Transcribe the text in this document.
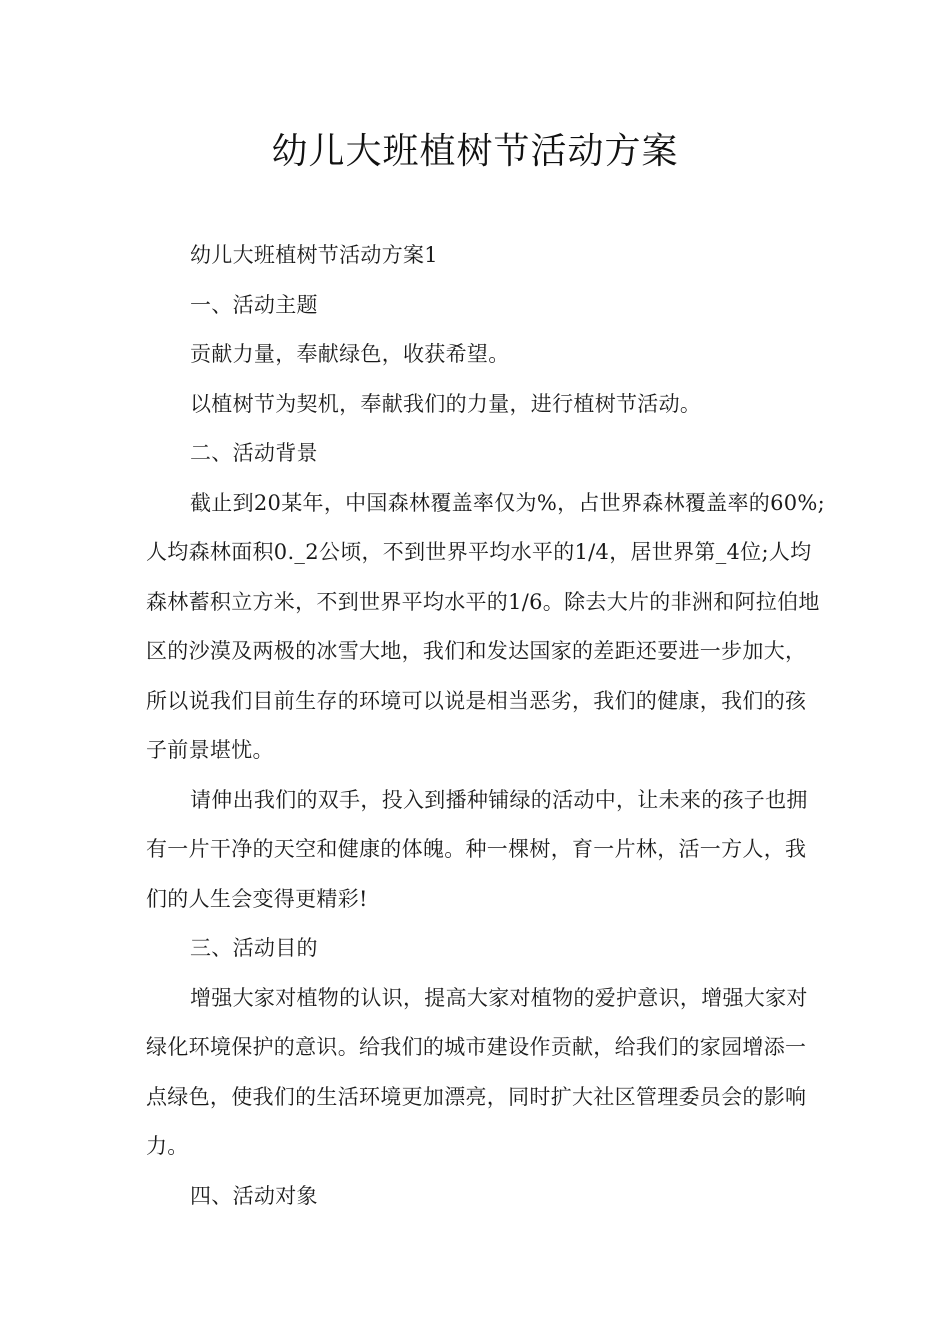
幼儿大班植树节活动方案

幼儿大班植树节活动方案1

一、活动主题

贡献力量，奉献绿色，收获希望。

以植树节为契机，奉献我们的力量，进行植树节活动。

二、活动背景

截止到20某年，中国森林覆盖率仅为%，占世界森林覆盖率的60%;人均森林面积0._2公顷，不到世界平均水平的1/4，居世界第_4位;人均森林蓄积立方米，不到世界平均水平的1/6。除去大片的非洲和阿拉伯地区的沙漠及两极的冰雪大地，我们和发达国家的差距还要进一步加大，所以说我们目前生存的环境可以说是相当恶劣，我们的健康，我们的孩子前景堪忧。

请伸出我们的双手，投入到播种铺绿的活动中，让未来的孩子也拥有一片干净的天空和健康的体魄。种一棵树，育一片林，活一方人，我们的人生会变得更精彩!

三、活动目的

增强大家对植物的认识，提高大家对植物的爱护意识，增强大家对绿化环境保护的意识。给我们的城市建设作贡献，给我们的家园增添一点绿色，使我们的生活环境更加漂亮，同时扩大社区管理委员会的影响力。

四、活动对象
